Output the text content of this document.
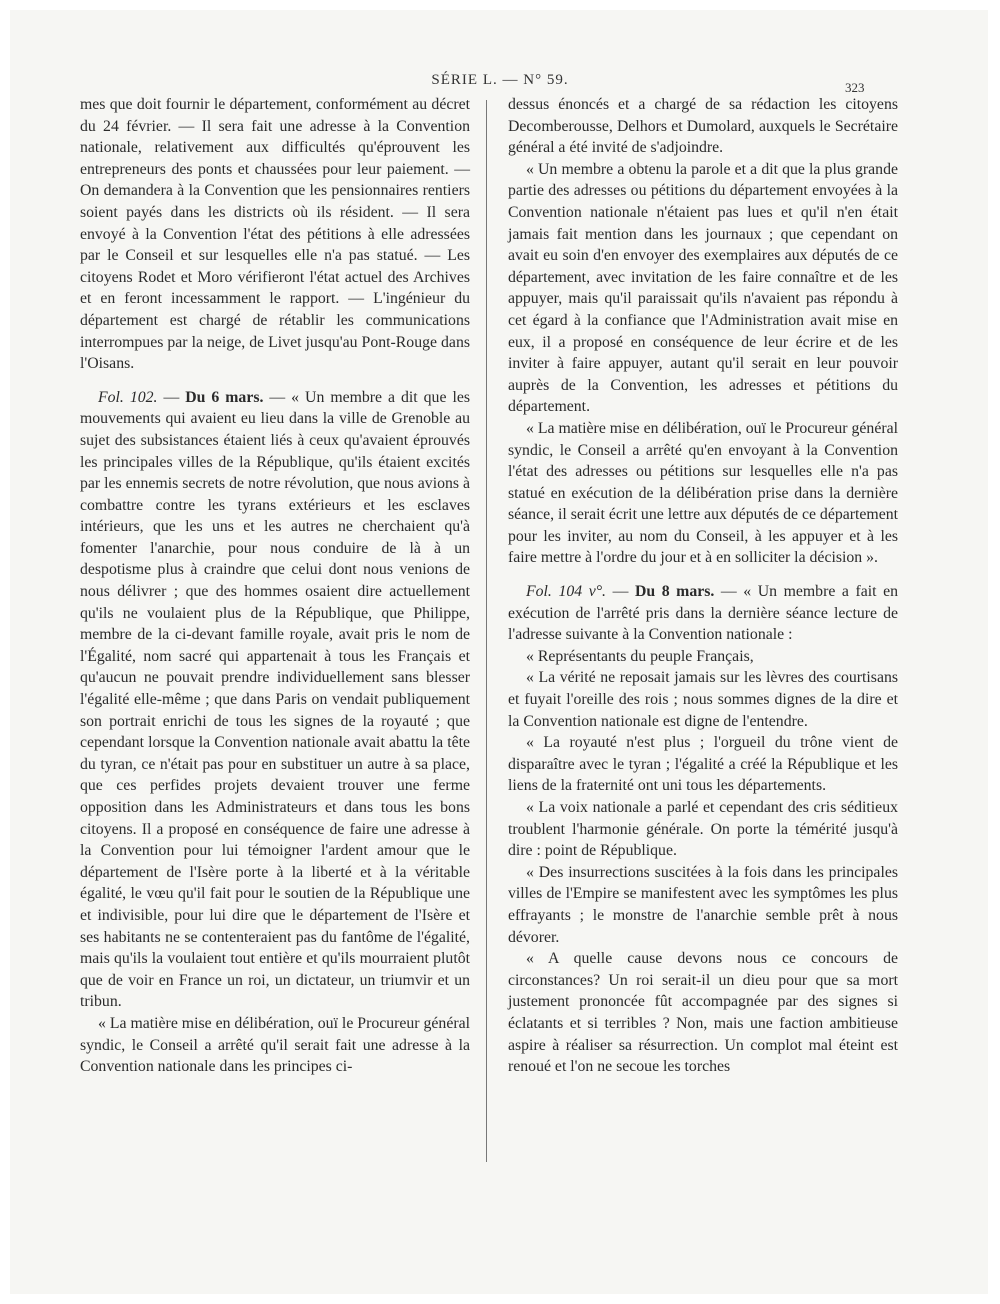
SÉRIE L. — N° 59.	323

mes que doit fournir le département, conformément au décret du 24 février. — Il sera fait une adresse à la Convention nationale, relativement aux difficultés qu'éprouvent les entrepreneurs des ponts et chaussées pour leur paiement. — On demandera à la Convention que les pensionnaires rentiers soient payés dans les districts où ils résident. — Il sera envoyé à la Convention l'état des pétitions à elle adressées par le Conseil et sur lesquelles elle n'a pas statué. — Les citoyens Rodet et Moro vérifieront l'état actuel des Archives et en feront incessamment le rapport. — L'ingénieur du département est chargé de rétablir les communications interrompues par la neige, de Livet jusqu'au Pont-Rouge dans l'Oisans.

Fol. 102. — Du 6 mars. — « Un membre a dit que les mouvements qui avaient eu lieu dans la ville de Grenoble au sujet des subsistances étaient liés à ceux qu'avaient éprouvés les principales villes de la République, qu'ils étaient excités par les ennemis secrets de notre révolution, que nous avions à combattre contre les tyrans extérieurs et les esclaves intérieurs, que les uns et les autres ne cherchaient qu'à fomenter l'anarchie, pour nous conduire de là à un despotisme plus à craindre que celui dont nous venions de nous délivrer ; que des hommes osaient dire actuellement qu'ils ne voulaient plus de la République, que Philippe, membre de la ci-devant famille royale, avait pris le nom de l'Égalité, nom sacré qui appartenait à tous les Français et qu'aucun ne pouvait prendre individuellement sans blesser l'égalité elle-même ; que dans Paris on vendait publiquement son portrait enrichi de tous les signes de la royauté ; que cependant lorsque la Convention nationale avait abattu la tête du tyran, ce n'était pas pour en substituer un autre à sa place, que ces perfides projets devaient trouver une ferme opposition dans les Administrateurs et dans tous les bons citoyens. Il a proposé en conséquence de faire une adresse à la Convention pour lui témoigner l'ardent amour que le département de l'Isère porte à la liberté et à la véritable égalité, le vœu qu'il fait pour le soutien de la République une et indivisible, pour lui dire que le département de l'Isère et ses habitants ne se contenteraient pas du fantôme de l'égalité, mais qu'ils la voulaient tout entière et qu'ils mourraient plutôt que de voir en France un roi, un dictateur, un triumvir et un tribun.

« La matière mise en délibération, ouï le Procureur général syndic, le Conseil a arrêté qu'il serait fait une adresse à la Convention nationale dans les principes ci-

dessus énoncés et a chargé de sa rédaction les citoyens Decomberousse, Delhors et Dumolard, auxquels le Secrétaire général a été invité de s'adjoindre.

« Un membre a obtenu la parole et a dit que la plus grande partie des adresses ou pétitions du département envoyées à la Convention nationale n'étaient pas lues et qu'il n'en était jamais fait mention dans les journaux ; que cependant on avait eu soin d'en envoyer des exemplaires aux députés de ce département, avec invitation de les faire connaître et de les appuyer, mais qu'il paraissait qu'ils n'avaient pas répondu à cet égard à la confiance que l'Administration avait mise en eux, il a proposé en conséquence de leur écrire et de les inviter à faire appuyer, autant qu'il serait en leur pouvoir auprès de la Convention, les adresses et pétitions du département.

« La matière mise en délibération, ouï le Procureur général syndic, le Conseil a arrêté qu'en envoyant à la Convention l'état des adresses ou pétitions sur lesquelles elle n'a pas statué en exécution de la délibération prise dans la dernière séance, il serait écrit une lettre aux députés de ce département pour les inviter, au nom du Conseil, à les appuyer et à les faire mettre à l'ordre du jour et à en solliciter la décision ».

Fol. 104 v°. — Du 8 mars. — « Un membre a fait en exécution de l'arrêté pris dans la dernière séance lecture de l'adresse suivante à la Convention nationale :

« Représentants du peuple Français,

« La vérité ne reposait jamais sur les lèvres des courtisans et fuyait l'oreille des rois ; nous sommes dignes de la dire et la Convention nationale est digne de l'entendre.

« La royauté n'est plus ; l'orgueil du trône vient de disparaître avec le tyran ; l'égalité a créé la République et les liens de la fraternité ont uni tous les départements.

« La voix nationale a parlé et cependant des cris séditieux troublent l'harmonie générale. On porte la témérité jusqu'à dire : point de République.

« Des insurrections suscitées à la fois dans les principales villes de l'Empire se manifestent avec les symptômes les plus effrayants ; le monstre de l'anarchie semble prêt à nous dévorer.

« A quelle cause devons nous ce concours de circonstances? Un roi serait-il un dieu pour que sa mort justement prononcée fût accompagnée par des signes si éclatants et si terribles ? Non, mais une faction ambitieuse aspire à réaliser sa résurrection. Un complot mal éteint est renoué et l'on ne secoue les torches
